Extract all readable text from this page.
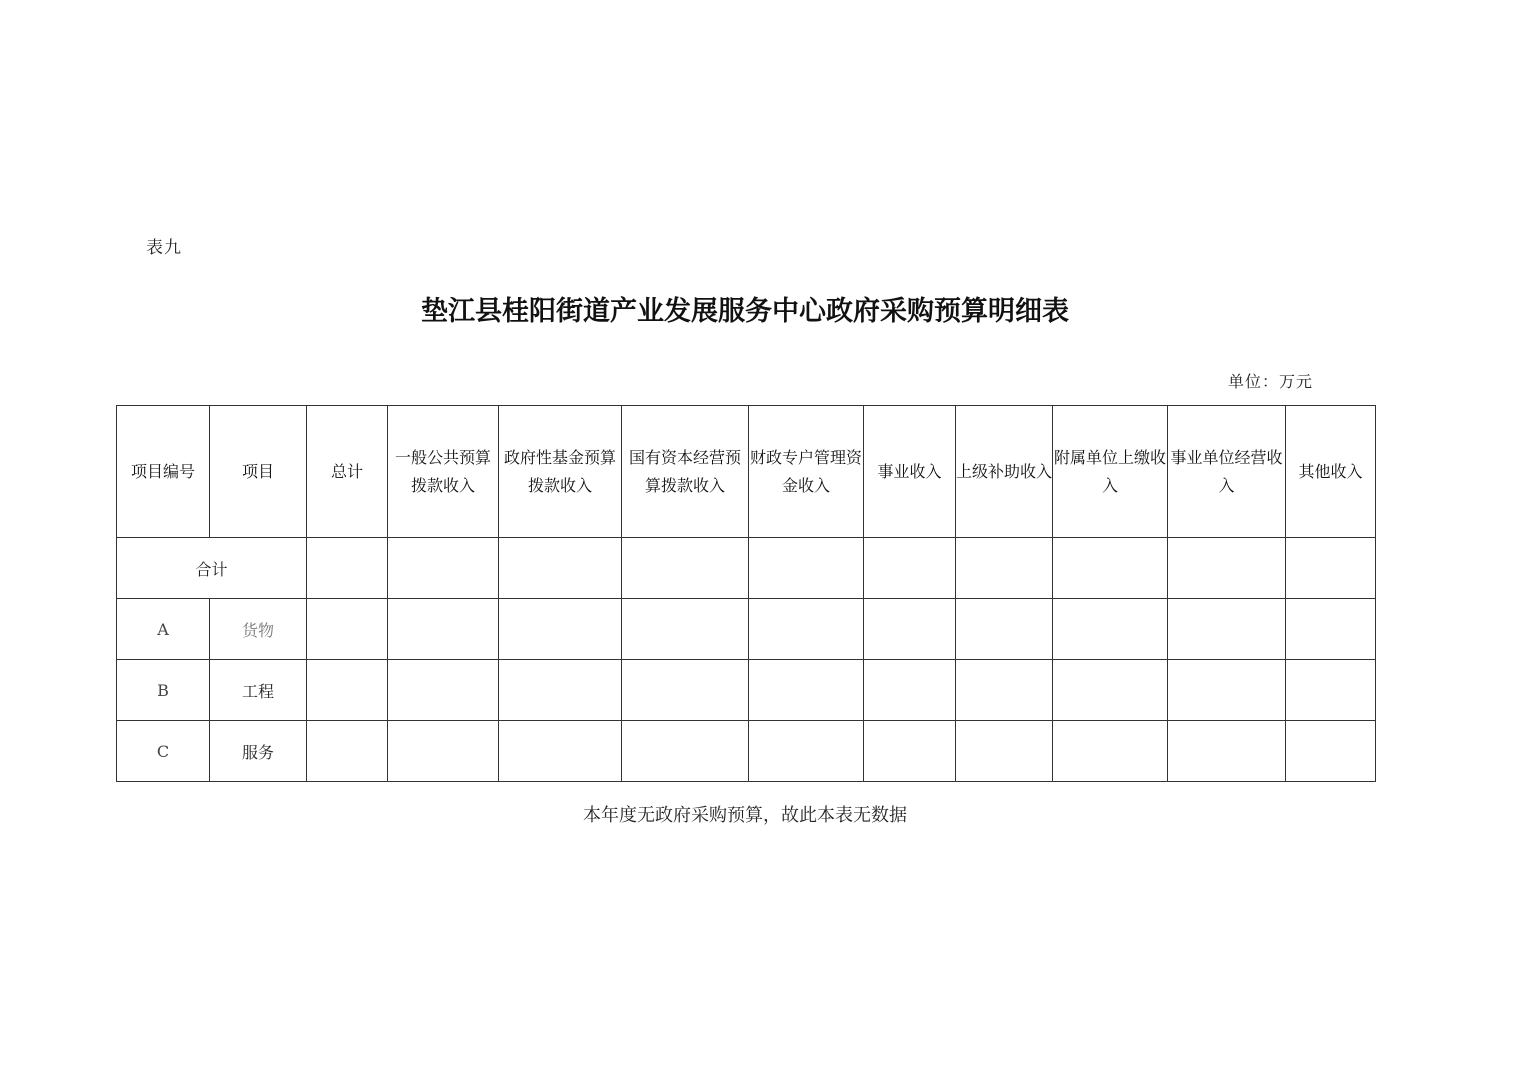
表九
垫江县桂阳街道产业发展服务中心政府采购预算明细表
单位：万元
项目编号	项目	总计	一般公共预算拨款收入	政府性基金预算拨款收入	国有资本经营预算拨款收入	财政专户管理资金收入	事业收入	上级补助收入	附属单位上缴收入	事业单位经营收入	其他收入
合计											
A	货物										
B	工程										
C	服务										
本年度无政府采购预算，故此本表无数据
